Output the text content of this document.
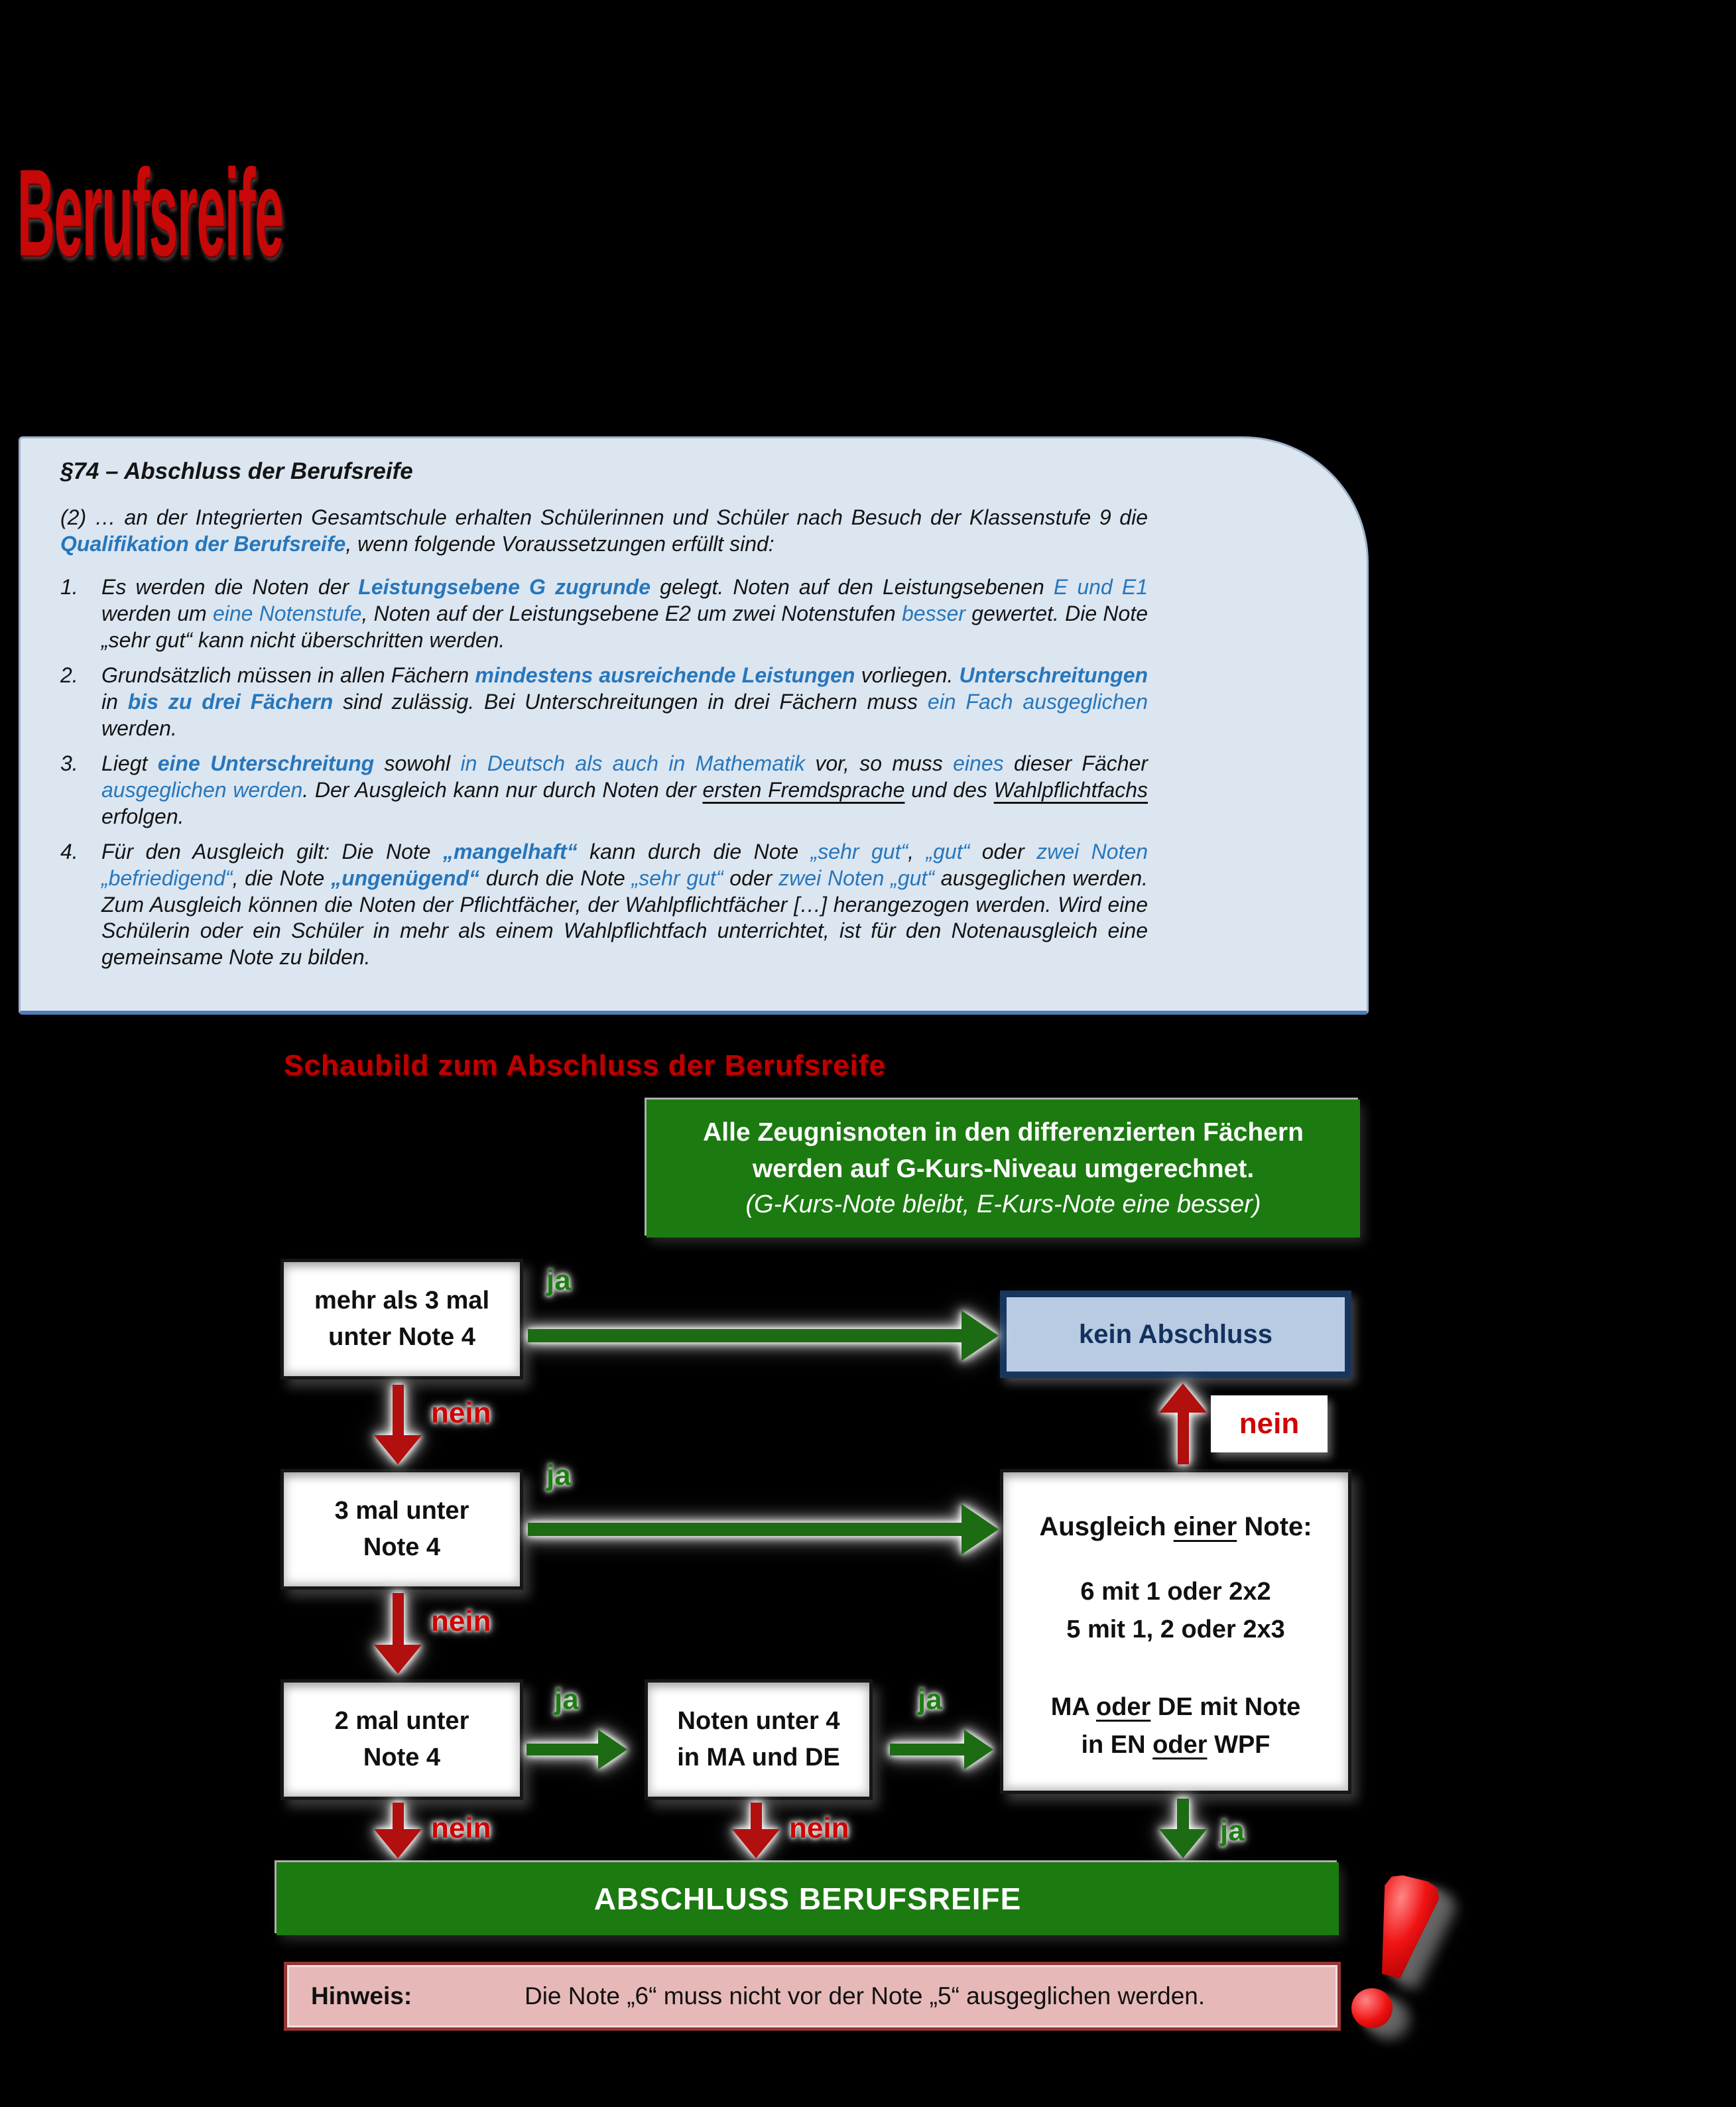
Berufsreife
§74 – Abschluss der Berufsreife

(2) … an der Integrierten Gesamtschule erhalten Schülerinnen und Schüler nach Besuch der Klassenstufe 9 die Qualifikation der Berufsreife, wenn folgende Voraussetzungen erfüllt sind:

1.	Es werden die Noten der Leistungsebene G zugrunde gelegt. Noten auf den Leistungsebenen E und E1 werden um eine Notenstufe, Noten auf der Leistungsebene E2 um zwei Notenstufen besser gewertet. Die Note „sehr gut“ kann nicht überschritten werden.
2.	Grundsätzlich müssen in allen Fächern mindestens ausreichende Leistungen vorliegen. Unterschreitungen in bis zu drei Fächern sind zulässig. Bei Unterschreitungen in drei Fächern muss ein Fach ausgeglichen werden.
3.	Liegt eine Unterschreitung sowohl in Deutsch als auch in Mathematik vor, so muss eines dieser Fächer ausgeglichen werden. Der Ausgleich kann nur durch Noten der ersten Fremdsprache und des Wahlpflichtfachs erfolgen.
4.	Für den Ausgleich gilt: Die Note „mangelhaft“ kann durch die Note „sehr gut“, „gut“ oder zwei Noten „befriedigend“, die Note „ungenügend“ durch die Note „sehr gut“ oder zwei Noten „gut“ ausgeglichen werden. Zum Ausgleich können die Noten der Pflichtfächer, der Wahlpflichtfächer […] herangezogen werden. Wird eine Schülerin oder ein Schüler in mehr als einem Wahlpflichtfach unterrichtet, ist für den Notenausgleich eine gemeinsame Note zu bilden.
Schaubild zum Abschluss der Berufsreife
Alle Zeugnisnoten in den differenzierten Fächern
werden auf G-Kurs-Niveau umgerechnet.
(G-Kurs-Note bleibt, E-Kurs-Note eine besser)
mehr als 3 mal
unter Note 4
3 mal unter
Note 4
2 mal unter
Note 4
Noten unter 4
in MA und DE
kein Abschluss
Ausgleich einer Note:
6 mit 1 oder 2x2
5 mit 1, 2 oder 2x3
MA oder DE mit Note
in EN oder WPF
ja
ja
ja	ja
ja
nein
nein
nein	nein
nein
ABSCHLUSS BERUFSREIFE
Hinweis:	Die Note „6“ muss nicht vor der Note „5“ ausgeglichen werden.
